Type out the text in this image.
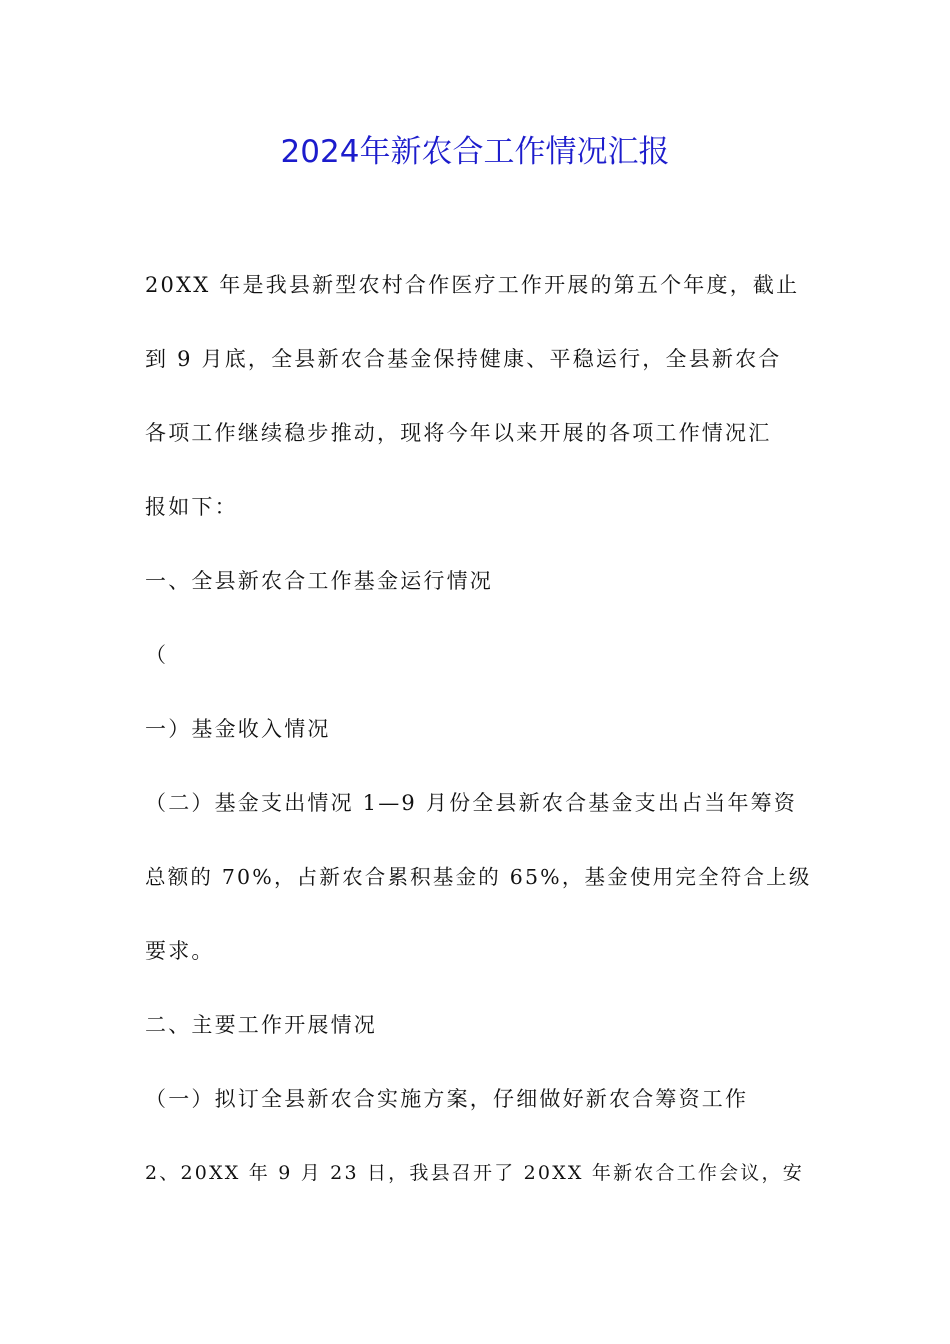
2024年新农合工作情况汇报
20XX 年是我县新型农村合作医疗工作开展的第五个年度，截止
到 9 月底，全县新农合基金保持健康、平稳运行，全县新农合
各项工作继续稳步推动，现将今年以来开展的各项工作情况汇
报如下：
一、全县新农合工作基金运行情况
（
一）基金收入情况
（二）基金支出情况 1—9 月份全县新农合基金支出占当年筹资
总额的 70%，占新农合累积基金的 65%，基金使用完全符合上级
要求。
二、主要工作开展情况
（一）拟订全县新农合实施方案，仔细做好新农合筹资工作
2、20XX 年 9 月 23 日，我县召开了 20XX 年新农合工作会议，安
